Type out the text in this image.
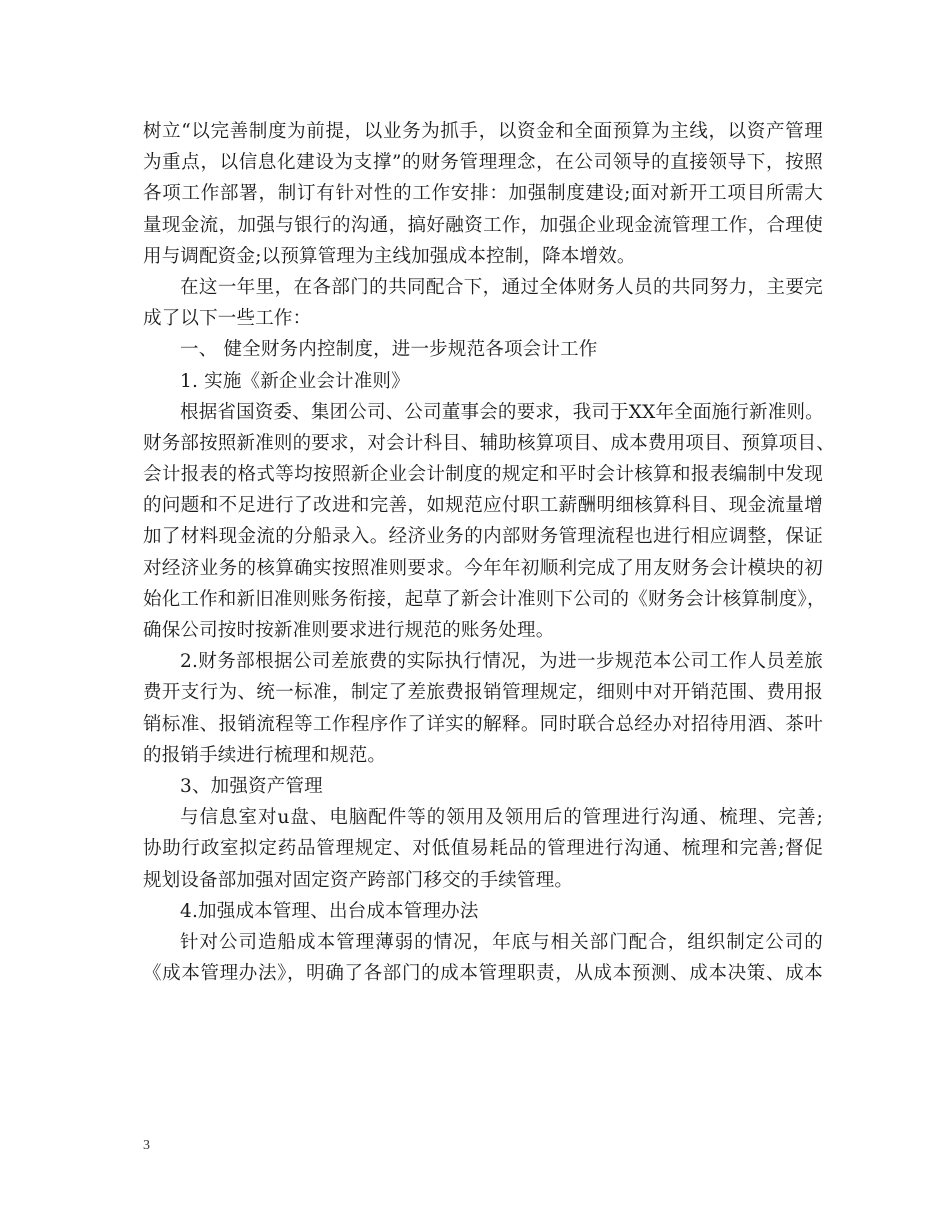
树立“以完善制度为前提，以业务为抓手，以资金和全面预算为主线，以资产管理
为重点，以信息化建设为支撑”的财务管理理念，在公司领导的直接领导下，按照
各项工作部署，制订有针对性的工作安排：加强制度建设;面对新开工项目所需大
量现金流，加强与银行的沟通，搞好融资工作，加强企业现金流管理工作，合理使
用与调配资金;以预算管理为主线加强成本控制，降本增效。
在这一年里，在各部门的共同配合下，通过全体财务人员的共同努力，主要完
成了以下一些工作：
一、 健全财务内控制度，进一步规范各项会计工作
1. 实施《新企业会计准则》
根据省国资委、集团公司、公司董事会的要求，我司于XX年全面施行新准则。
财务部按照新准则的要求，对会计科目、辅助核算项目、成本费用项目、预算项目、
会计报表的格式等均按照新企业会计制度的规定和平时会计核算和报表编制中发现
的问题和不足进行了改进和完善，如规范应付职工薪酬明细核算科目、现金流量增
加了材料现金流的分船录入。经济业务的内部财务管理流程也进行相应调整，保证
对经济业务的核算确实按照准则要求。今年年初顺利完成了用友财务会计模块的初
始化工作和新旧准则账务衔接，起草了新会计准则下公司的《财务会计核算制度》，
确保公司按时按新准则要求进行规范的账务处理。
2.财务部根据公司差旅费的实际执行情况，为进一步规范本公司工作人员差旅
费开支行为、统一标准，制定了差旅费报销管理规定，细则中对开销范围、费用报
销标准、报销流程等工作程序作了详实的解释。同时联合总经办对招待用酒、茶叶
的报销手续进行梳理和规范。
3、加强资产管理
与信息室对u盘、电脑配件等的领用及领用后的管理进行沟通、梳理、完善;
协助行政室拟定药品管理规定、对低值易耗品的管理进行沟通、梳理和完善;督促
规划设备部加强对固定资产跨部门移交的手续管理。
4.加强成本管理、出台成本管理办法
针对公司造船成本管理薄弱的情况，年底与相关部门配合，组织制定公司的
《成本管理办法》，明确了各部门的成本管理职责，从成本预测、成本决策、成本
3
